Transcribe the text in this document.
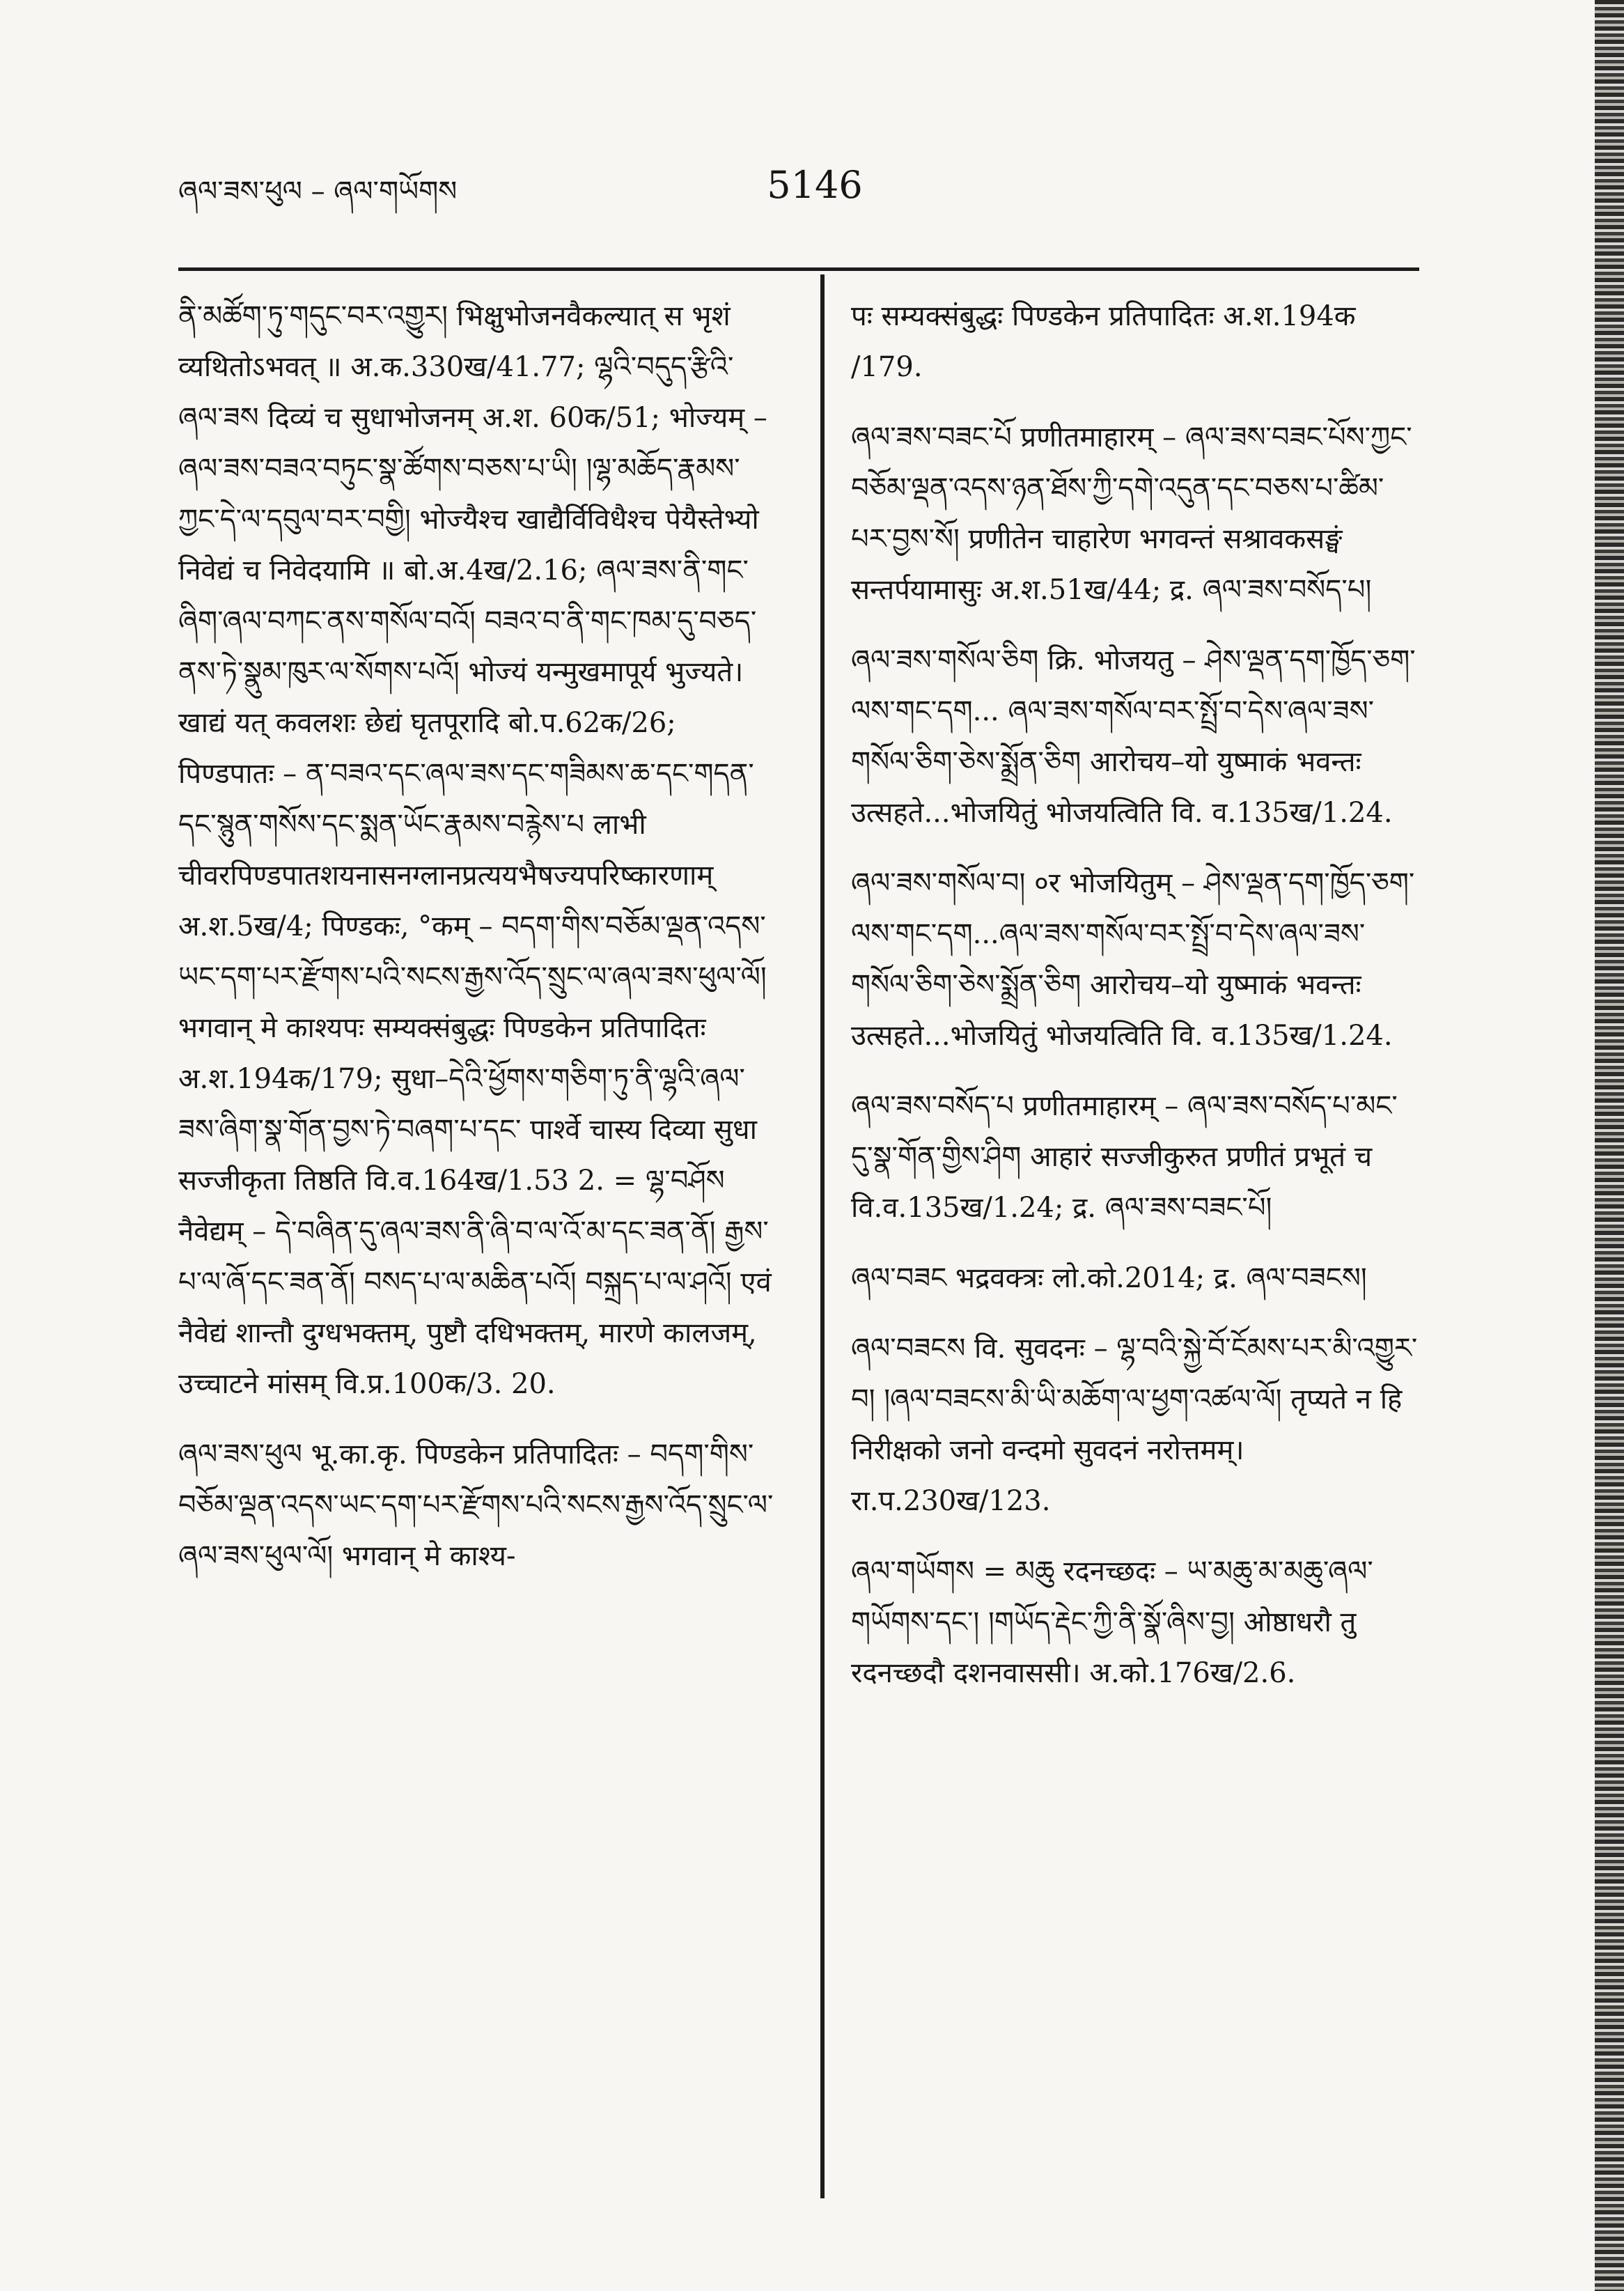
ཞལ་ཟས་ཕུལ – ཞལ་གཡོགས	5146

ནི་མཚོག་ཏུ་གདུང་བར་འགྱུར། भिक्षुभोजनवैकल्यात् स भृशं व्यथितोऽभवत् ॥ अ.क.330ख/41.77; ལྷའི་བདུད་རྩིའི་ཞལ་ཟས दिव्यं च सुधाभोजनम् अ.श. 60क/51; भोज्यम् – ཞལ་ཟས་བཟའ་བཏུང་སྣ་ཚོགས་བཅས་པ་ཡི། །ལྷ་མཆོད་རྣམས་ཀྱང་དེ་ལ་དབུལ་བར་བགྱི། भोज्यैश्च खाद्यैर्विविधैश्च पेयैस्तेभ्यो निवेद्यं च निवेदयामि ॥ बो.अ.4ख/2.16; ཞལ་ཟས་ནི་གང་ཞིག་ཞལ་བཀང་ནས་གསོལ་བའོ། བཟའ་བ་ནི་གང་ཁམ་དུ་བཅད་ནས་ཏེ་སྣུམ་ཁུར་ལ་སོགས་པའོ། भोज्यं यन्मुखमापूर्य भुज्यते। खाद्यं यत् कवलशः छेद्यं घृतपूरादि बो.प.62क/26; पिण्डपातः – ན་བཟའ་དང་ཞལ་ཟས་དང་གཟིམས་ཆ་དང་གདན་དང་སྙུན་གསོས་དང་སྨན་ཡོང་རྣམས་བརྙེས་པ लाभी चीवरपिण्डपातशयनासनग्लानप्रत्ययभैषज्यपरिष्कारणाम् अ.श.5ख/4; पिण्डकः, °कम् – བདག་གིས་བཅོམ་ལྡན་འདས་ཡང་དག་པར་རྫོགས་པའི་སངས་རྒྱས་འོད་སྲུང་ལ་ཞལ་ཟས་ཕུལ་ལོ། भगवान् मे काश्यपः सम्यक्संबुद्धः पिण्डकेन प्रतिपादितः अ.श.194क/179; सुधा–དེའི་ཕྱོགས་གཅིག་ཏུ་ནི་ལྷའི་ཞལ་ཟས་ཞིག་སྣ་གོན་བྱས་ཏེ་བཞག་པ་དང་ पार्श्वे चास्य दिव्या सुधा सज्जीकृता तिष्ठति वि.व.164ख/1.53 2. = ལྷ་བཤོས नैवेद्यम् – དེ་བཞིན་དུ་ཞལ་ཟས་ནི་ཞི་བ་ལ་འོ་མ་དང་ཟན་ནོ། རྒྱས་པ་ལ་ཞོ་དང་ཟན་ནོ། བསད་པ་ལ་མཆིན་པའོ། བསྐྲད་པ་ལ་ཤའོ། एवं नैवेद्यं शान्तौ दुग्धभक्तम्, पुष्टौ दधिभक्तम्, मारणे कालजम्, उच्चाटने मांसम् वि.प्र.100क/3. 20.

ཞལ་ཟས་ཕུལ भू.का.कृ. पिण्डकेन प्रतिपादितः – བདག་གིས་བཅོམ་ལྡན་འདས་ཡང་དག་པར་རྫོགས་པའི་སངས་རྒྱས་འོད་སྲུང་ལ་ཞལ་ཟས་ཕུལ་ལོ། भगवान् मे काश्य-

पः सम्यक्संबुद्धः पिण्डकेन प्रतिपादितः अ.श.194क /179.

ཞལ་ཟས་བཟང་པོ प्रणीतमाहारम् – ཞལ་ཟས་བཟང་པོས་ཀྱང་བཅོམ་ལྡན་འདས་ཉན་ཐོས་ཀྱི་དགེ་འདུན་དང་བཅས་པ་ཚིམ་པར་བྱས་སོ། प्रणीतेन चाहारेण भगवन्तं सश्रावकसङ्घं सन्तर्पयामासुः अ.श.51ख/44; द्र. ཞལ་ཟས་བསོད་པ།

ཞལ་ཟས་གསོལ་ཅིག क्रि. भोजयतु – ཤེས་ལྡན་དག་ཁྱོད་ཅག་ལས་གང་དག... ཞལ་ཟས་གསོལ་བར་སྤྲོ་བ་དེས་ཞལ་ཟས་གསོལ་ཅིག་ཅེས་སྨྲོན་ཅིག आरोचय–यो युष्माकं भवन्तः उत्सहते...भोजयितुं भोजयत्विति वि. व.135ख/1.24.

ཞལ་ཟས་གསོལ་བ། ०र भोजयितुम् – ཤེས་ལྡན་དག་ཁྱོད་ཅག་ལས་གང་དག...ཞལ་ཟས་གསོལ་བར་སྤྲོ་བ་དེས་ཞལ་ཟས་གསོལ་ཅིག་ཅེས་སྨྲོན་ཅིག आरोचय–यो युष्माकं भवन्तः उत्सहते...भोजयितुं भोजयत्विति वि. व.135ख/1.24.

ཞལ་ཟས་བསོད་པ प्रणीतमाहारम् – ཞལ་ཟས་བསོད་པ་མང་དུ་སྣ་གོན་གྱིས་ཤིག आहारं सज्जीकुरुत प्रणीतं प्रभूतं च वि.व.135ख/1.24; द्र. ཞལ་ཟས་བཟང་པོ།

ཞལ་བཟང भद्रवक्त्रः लो.को.2014; द्र. ཞལ་བཟངས།

ཞལ་བཟངས वि. सुवदनः – ལྷ་བའི་སྐྱེ་བོ་ངོམས་པར་མི་འགྱུར་བ། །ཞལ་བཟངས་མི་ཡི་མཆོག་ལ་ཕྱག་འཚལ་ལོ། तृप्यते न हि निरीक्षको जनो वन्दमो सुवदनं नरोत्तमम्। रा.प.230ख/123.

ཞལ་གཡོགས = མཆུ रदनच्छदः – ཡ་མཆུ་མ་མཆུ་ཞལ་གཡོགས་དང་། །གཡོད་རྡེང་ཀྱི་ནི་སྣོ་ཞིས་བྱ། ओष्ठाधरौ तु रदनच्छदौ दशनवाससी। अ.को.176ख/2.6.
